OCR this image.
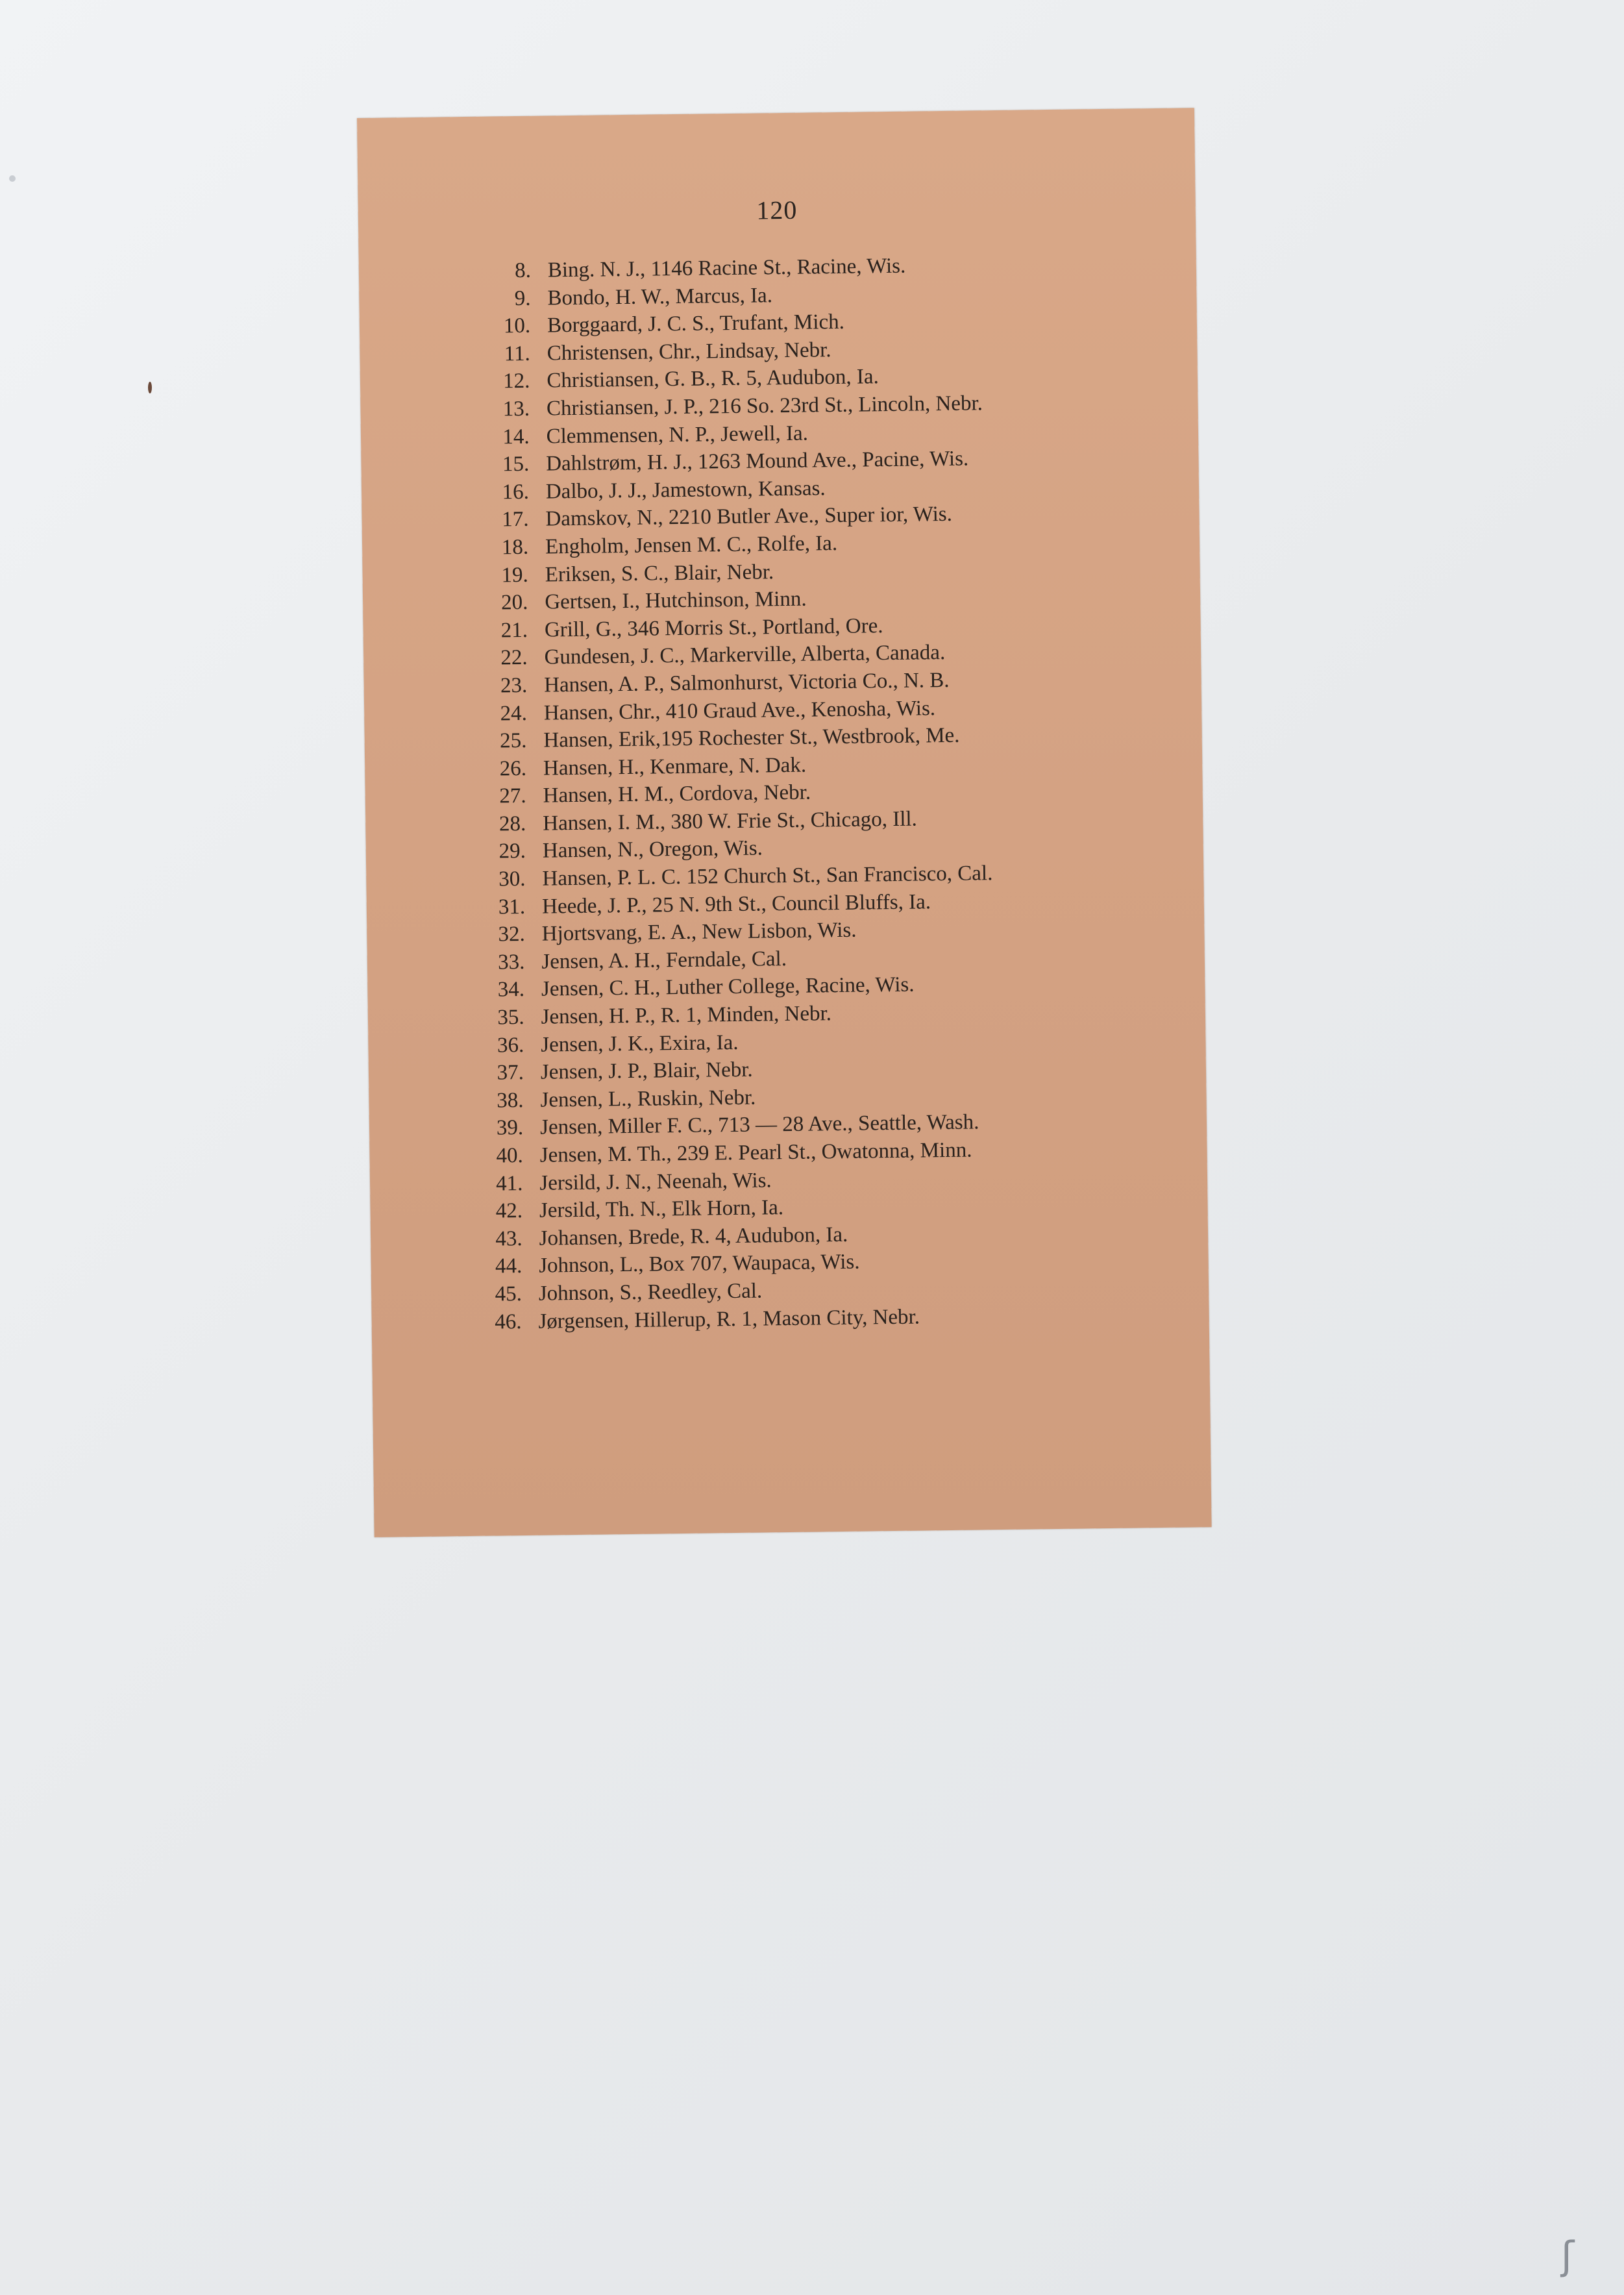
120
8. Bing. N. J., 1146 Racine St., Racine, Wis.
9. Bondo, H. W., Marcus, Ia.
10. Borggaard, J. C. S., Trufant, Mich.
11. Christensen, Chr., Lindsay, Nebr.
12. Christiansen, G. B., R. 5, Audubon, Ia.
13. Christiansen, J. P., 216 So. 23rd St., Lincoln, Nebr.
14. Clemmensen, N. P., Jewell, Ia.
15. Dahlstrøm, H. J., 1263 Mound Ave., Pacine, Wis.
16. Dalbo, J. J., Jamestown, Kansas.
17. Damskov, N., 2210 Butler Ave., Super ior, Wis.
18. Engholm, Jensen M. C., Rolfe, Ia.
19. Eriksen, S. C., Blair, Nebr.
20. Gertsen, I., Hutchinson, Minn.
21. Grill, G., 346 Morris St., Portland, Ore.
22. Gundesen, J. C., Markerville, Alberta, Canada.
23. Hansen, A. P., Salmonhurst, Victoria Co., N. B.
24. Hansen, Chr., 410 Graud Ave., Kenosha, Wis.
25. Hansen, Erik,195 Rochester St., Westbrook, Me.
26. Hansen, H., Kenmare, N. Dak.
27. Hansen, H. M., Cordova, Nebr.
28. Hansen, I. M., 380 W. Frie St., Chicago, Ill.
29. Hansen, N., Oregon, Wis.
30. Hansen, P. L. C. 152 Church St., San Francisco, Cal.
31. Heede, J. P., 25 N. 9th St., Council Bluffs, Ia.
32. Hjortsvang, E. A., New Lisbon, Wis.
33. Jensen, A. H., Ferndale, Cal.
34. Jensen, C. H., Luther College, Racine, Wis.
35. Jensen, H. P., R. 1, Minden, Nebr.
36. Jensen, J. K., Exira, Ia.
37. Jensen, J. P., Blair, Nebr.
38. Jensen, L., Ruskin, Nebr.
39. Jensen, Miller F. C., 713 — 28 Ave., Seattle, Wash.
40. Jensen, M. Th., 239 E. Pearl St., Owatonna, Minn.
41. Jersild, J. N., Neenah, Wis.
42. Jersild, Th. N., Elk Horn, Ia.
43. Johansen, Brede, R. 4, Audubon, Ia.
44. Johnson, L., Box 707, Waupaca, Wis.
45. Johnson, S., Reedley, Cal.
46. Jørgensen, Hillerup, R. 1, Mason City, Nebr.
ʃ
